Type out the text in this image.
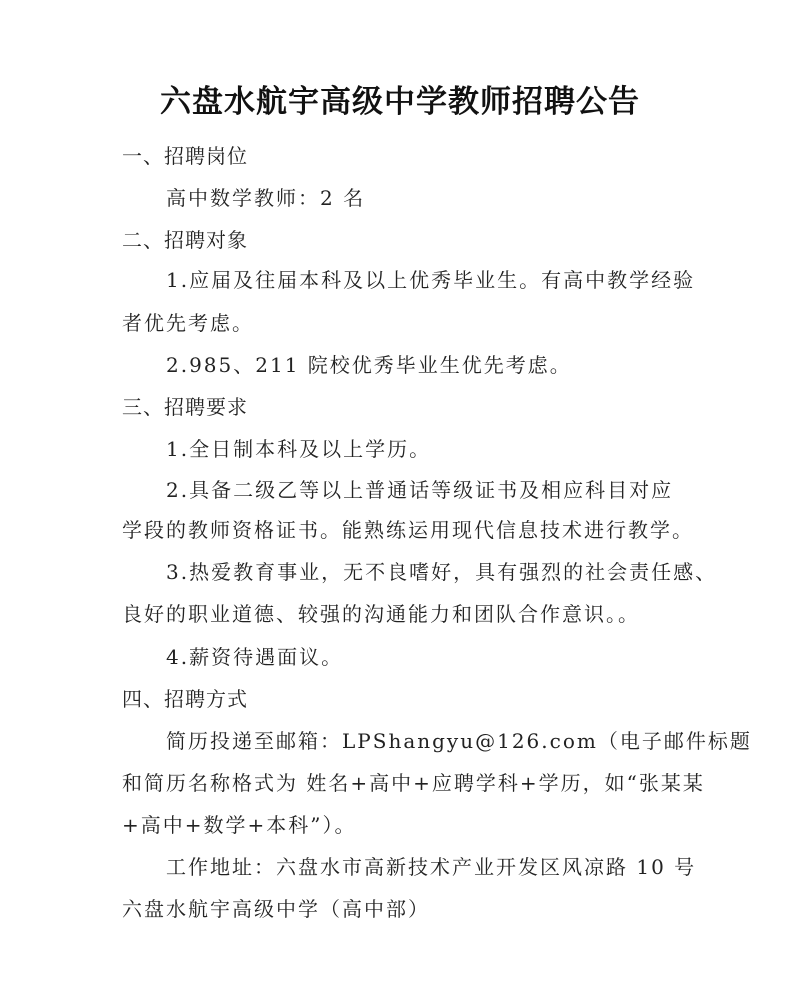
六盘水航宇高级中学教师招聘公告
一、招聘岗位
高中数学教师：2 名
二、招聘对象
1.应届及往届本科及以上优秀毕业生。有高中教学经验
者优先考虑。
2.985、211 院校优秀毕业生优先考虑。
三、招聘要求
1.全日制本科及以上学历。
2.具备二级乙等以上普通话等级证书及相应科目对应
学段的教师资格证书。能熟练运用现代信息技术进行教学。
3.热爱教育事业，无不良嗜好，具有强烈的社会责任感、
良好的职业道德、较强的沟通能力和团队合作意识。。
4.薪资待遇面议。
四、招聘方式
简历投递至邮箱：LPShangyu@126.com（电子邮件标题
和简历名称格式为 姓名+高中+应聘学科+学历，如“张某某
+高中+数学+本科”）。
工作地址：六盘水市高新技术产业开发区风凉路 10 号
六盘水航宇高级中学（高中部）
